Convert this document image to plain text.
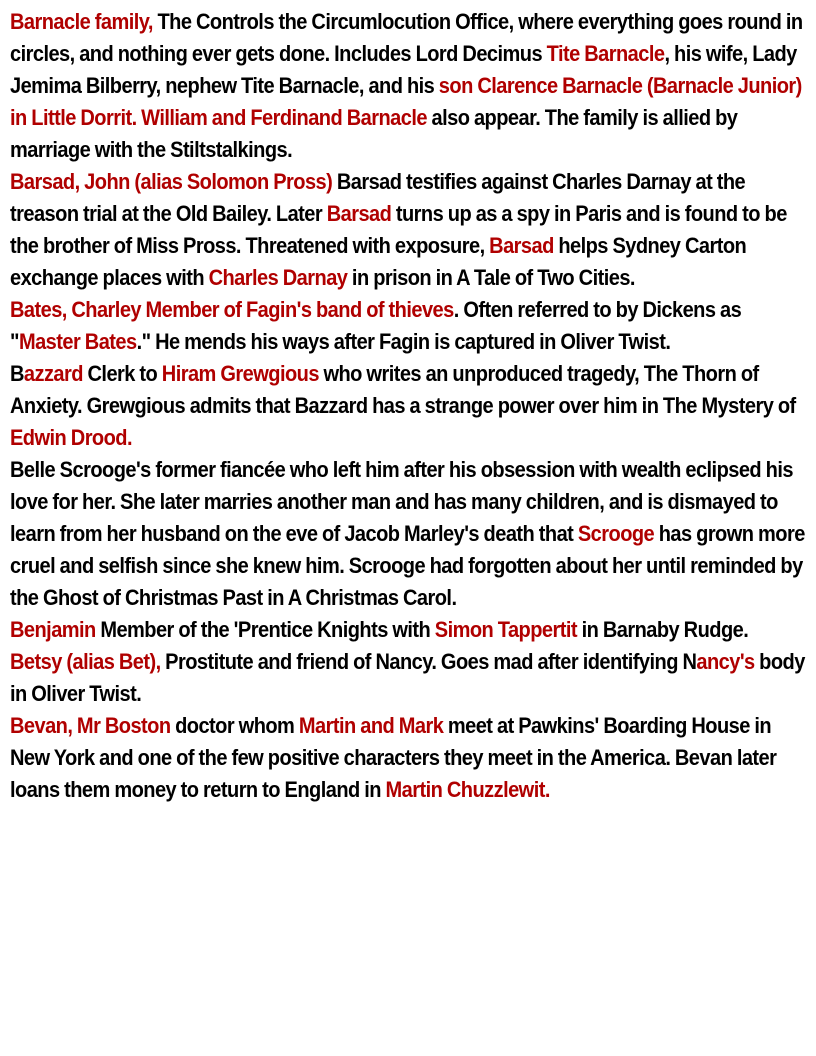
Barnacle family, The Controls the Circumlocution Office, where everything goes round in circles, and nothing ever gets done. Includes Lord Decimus Tite Barnacle, his wife, Lady Jemima Bilberry, nephew Tite Barnacle, and his son Clarence Barnacle (Barnacle Junior) in Little Dorrit. William and Ferdinand Barnacle also appear. The family is allied by marriage with the Stiltstalkings.

Barsad, John (alias Solomon Pross) Barsad testifies against Charles Darnay at the treason trial at the Old Bailey. Later Barsad turns up as a spy in Paris and is found to be the brother of Miss Pross. Threatened with exposure, Barsad helps Sydney Carton exchange places with Charles Darnay in prison in A Tale of Two Cities.

Bates, Charley Member of Fagin's band of thieves. Often referred to by Dickens as "Master Bates." He mends his ways after Fagin is captured in Oliver Twist.

Bazzard Clerk to Hiram Grewgious who writes an unproduced tragedy, The Thorn of Anxiety. Grewgious admits that Bazzard has a strange power over him in The Mystery of Edwin Drood.

Belle Scrooge's former fiancée who left him after his obsession with wealth eclipsed his love for her. She later marries another man and has many children, and is dismayed to learn from her husband on the eve of Jacob Marley's death that Scrooge has grown more cruel and selfish since she knew him. Scrooge had forgotten about her until reminded by the Ghost of Christmas Past in A Christmas Carol.

Benjamin Member of the 'Prentice Knights with Simon Tappertit in Barnaby Rudge.

Betsy (alias Bet), Prostitute and friend of Nancy. Goes mad after identifying Nancy's body in Oliver Twist.

Bevan, Mr Boston doctor whom Martin and Mark meet at Pawkins' Boarding House in New York and one of the few positive characters they meet in the America. Bevan later loans them money to return to England in Martin Chuzzlewit.
